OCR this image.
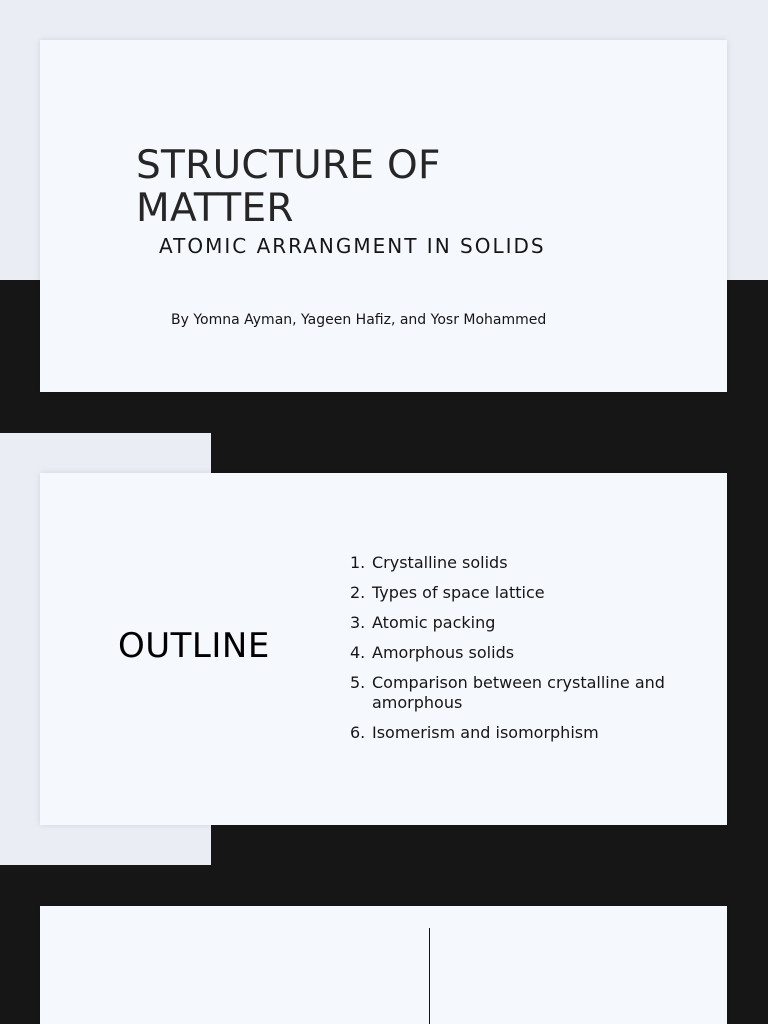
STRUCTURE OF MATTER
ATOMIC ARRANGMENT IN SOLIDS

By Yomna Ayman, Yageen Hafiz, and Yosr Mohammed

OUTLINE
1. Crystalline solids
2. Types of space lattice
3. Atomic packing
4. Amorphous solids
5. Comparison between crystalline and amorphous
6. Isomerism and isomorphism
